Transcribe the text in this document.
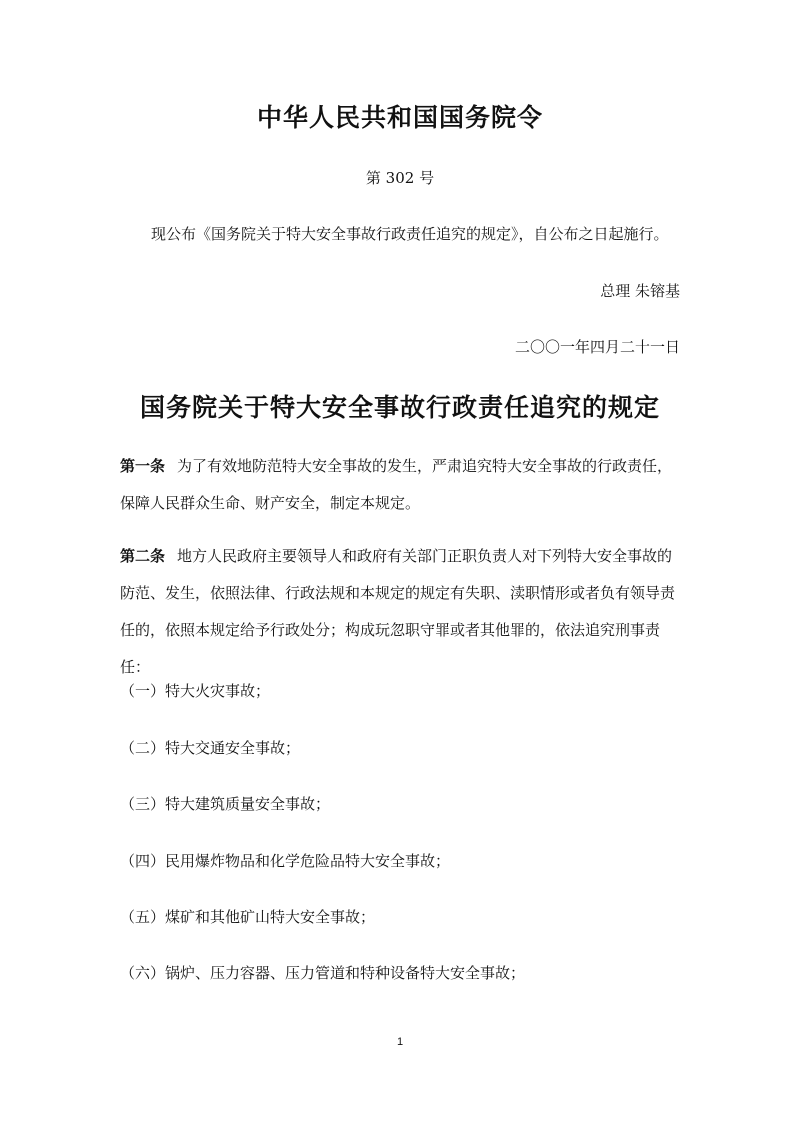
中华人民共和国国务院令
第 302 号
现公布《国务院关于特大安全事故行政责任追究的规定》，自公布之日起施行。
总理 朱镕基
二〇〇一年四月二十一日
国务院关于特大安全事故行政责任追究的规定
第一条 为了有效地防范特大安全事故的发生，严肃追究特大安全事故的行政责任，保障人民群众生命、财产安全，制定本规定。
第二条 地方人民政府主要领导人和政府有关部门正职负责人对下列特大安全事故的防范、发生，依照法律、行政法规和本规定的规定有失职、渎职情形或者负有领导责任的，依照本规定给予行政处分；构成玩忽职守罪或者其他罪的，依法追究刑事责任：
（一）特大火灾事故；
（二）特大交通安全事故；
（三）特大建筑质量安全事故；
（四）民用爆炸物品和化学危险品特大安全事故；
（五）煤矿和其他矿山特大安全事故；
（六）锅炉、压力容器、压力管道和特种设备特大安全事故；
1
